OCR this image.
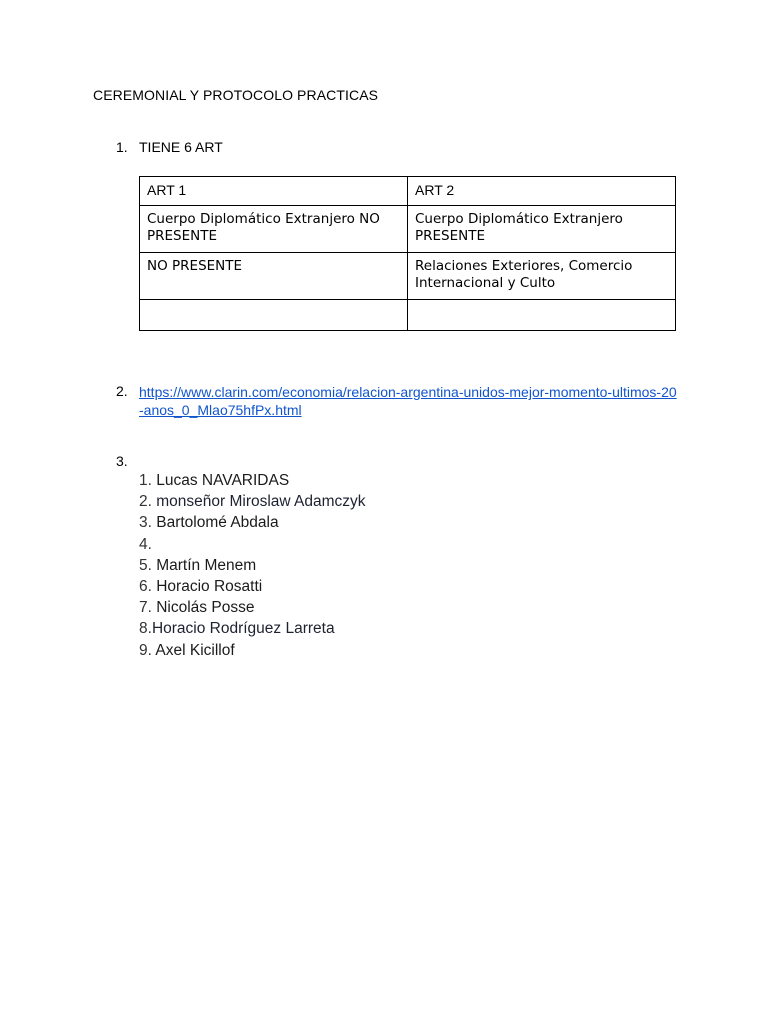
CEREMONIAL Y PROTOCOLO PRACTICAS
1. TIENE 6 ART
ART 1	ART 2
Cuerpo Diplomático Extranjero NO PRESENTE	Cuerpo Diplomático Extranjero PRESENTE
NO PRESENTE	Relaciones Exteriores, Comercio Internacional y Culto

2. https://www.clarin.com/economia/relacion-argentina-unidos-mejor-momento-ultimos-20-anos_0_Mlao75hfPx.html
3.
1. Lucas NAVARIDAS
2. monseñor Miroslaw Adamczyk
3. Bartolomé Abdala
4.
5. Martín Menem
6. Horacio Rosatti
7. Nicolás Posse
8.Horacio Rodríguez Larreta
9. Axel Kicillof
